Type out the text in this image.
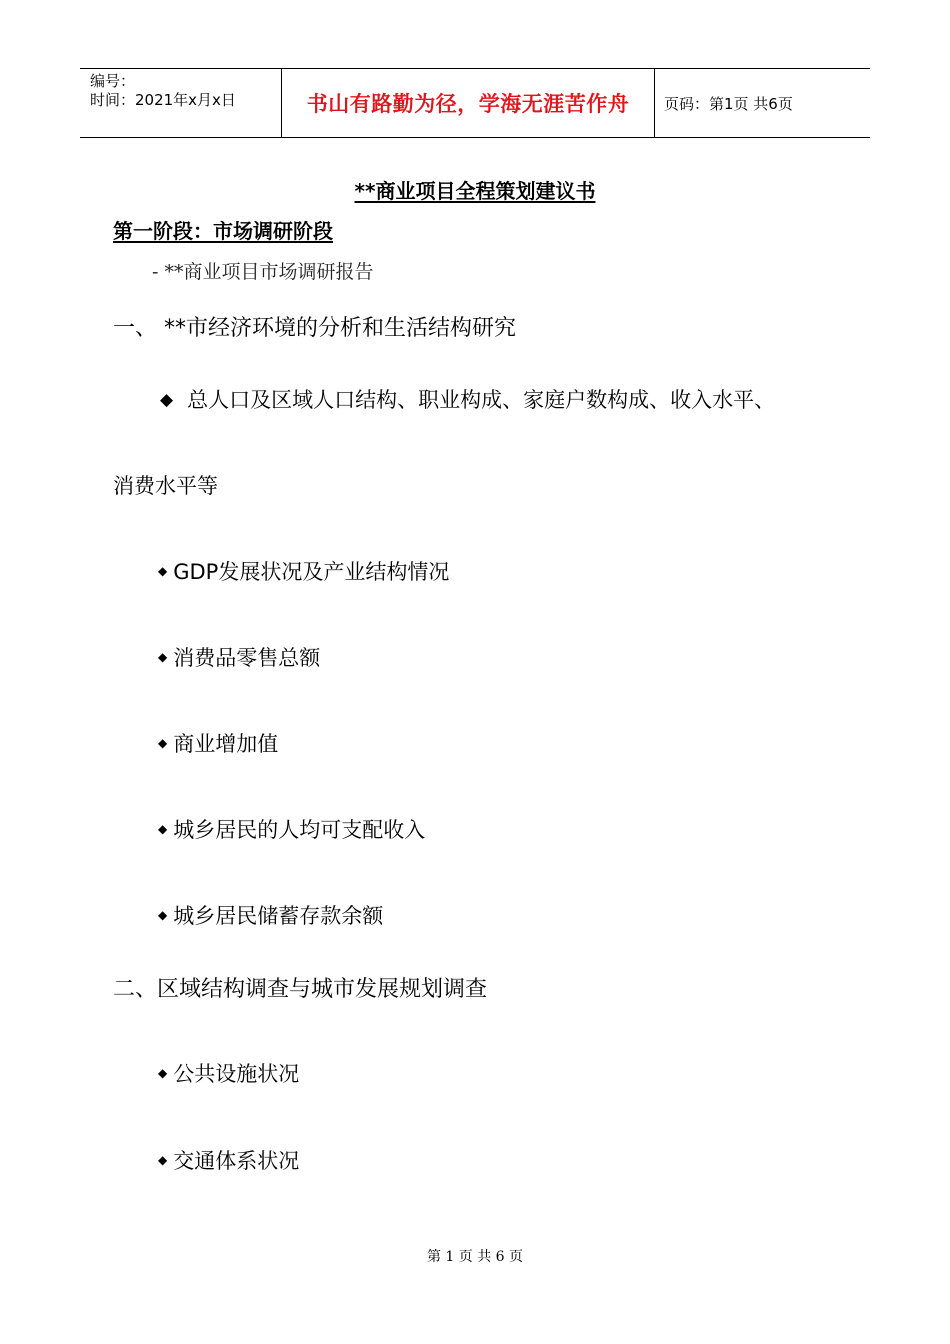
编号：
时间：2021年x月x日	书山有路勤为径，学海无涯苦作舟 页码：第1页 共6页
**商业项目全程策划建议书
第一阶段：市场调研阶段
- **商业项目市场调研报告
一、 **市经济环境的分析和生活结构研究
◆ 总人口及区域人口结构、职业构成、家庭户数构成、收入水平、
消费水平等
◆ GDP发展状况及产业结构情况
◆ 消费品零售总额
◆ 商业增加值
◆ 城乡居民的人均可支配收入
◆ 城乡居民储蓄存款余额
二、区域结构调查与城市发展规划调查
◆ 公共设施状况
◆ 交通体系状况
第 1 页 共 6 页
